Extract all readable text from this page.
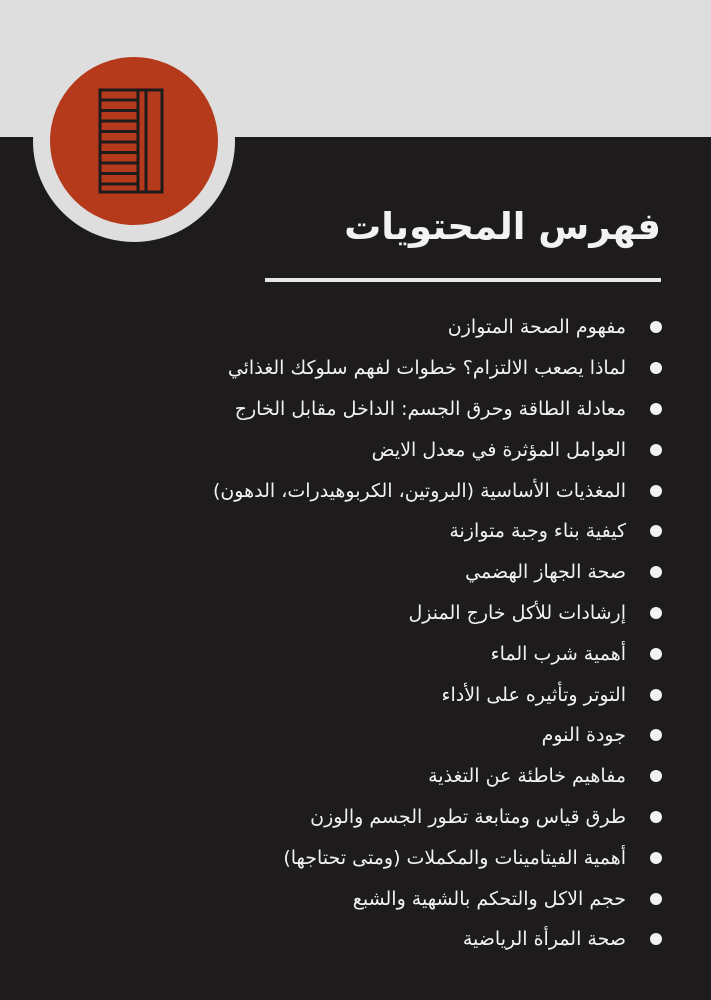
فهرس المحتويات
مفهوم الصحة المتوازن
لماذا يصعب الالتزام؟ خطوات لفهم سلوكك الغذائي
معادلة الطاقة وحرق الجسم: الداخل مقابل الخارج
العوامل المؤثرة في معدل الايض
المغذيات الأساسية (البروتين، الكربوهيدرات، الدهون)
كيفية بناء وجبة متوازنة
صحة الجهاز الهضمي
إرشادات للأكل خارج المنزل
أهمية شرب الماء
التوتر وتأثيره على الأداء
جودة النوم
مفاهيم خاطئة عن التغذية
طرق قياس ومتابعة تطور الجسم والوزن
أهمية الفيتامينات والمكملات (ومتى تحتاجها)
حجم الاكل والتحكم بالشهية والشبع
صحة المرأة الرياضية
